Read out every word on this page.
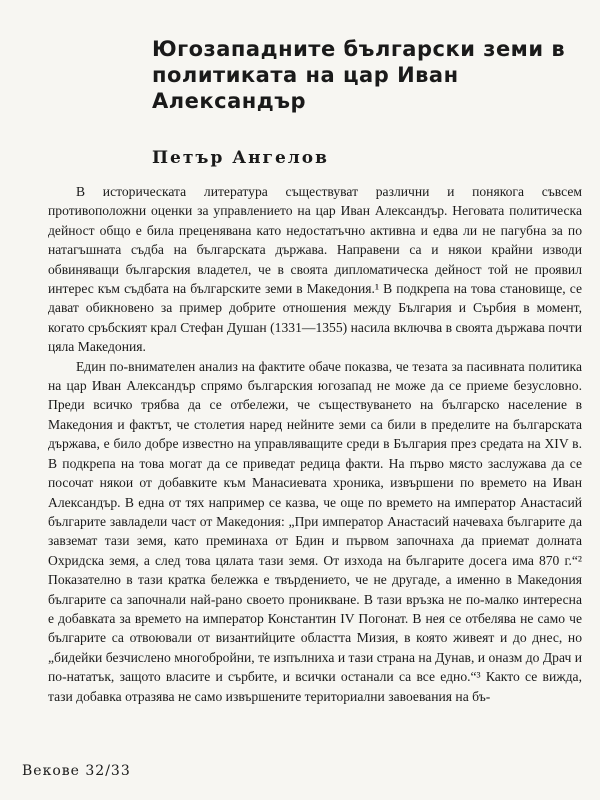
Югозападните български земи в политиката на цар Иван Александър
Петър Ангелов

В историческата литература съществуват различни и понякога съвсем противоположни оценки за управлението на цар Иван Александър. Неговата политическа дейност общо е била преценявана като недостатъчно активна и едва ли не пагубна за по натагъшната съдба на българската държава. Направени са и някои крайни изводи обвиняващи българския владетел, че в своята дипломатическа дейност той не проявил интерес към съдбата на българските земи в Македония.¹ В подкрепа на това становище, се дават обикновено за пример добрите отношения между България и Сърбия в момент, когато сръбският крал Стефан Душан (1331—1355) насила включва в своята държава почти цяла Македония.

Един по-внимателен анализ на фактите обаче показва, че тезата за пасивната политика на цар Иван Александър спрямо българския югозапад не може да се приеме безусловно. Преди всичко трябва да се отбележи, че съществуването на българско население в Македония и фактът, че столетия наред нейните земи са били в пределите на българската държава, е било добре известно на управляващите среди в България през средата на XIV в. В подкрепа на това могат да се приведат редица факти. На първо място заслужава да се посочат някои от добавките към Манасиевата хроника, извършени по времето на Иван Александър. В една от тях например се казва, че още по времето на император Анастасий българите завладели част от Македония: „При император Анастасий начеваха българите да завземат тази земя, като преминаха от Бдин и първом започнаха да приемат долната Охридска земя, а след това цялата тази земя. От изхода на българите досега има 870 г.“² Показателно в тази кратка бележка е твърдението, че не другаде, а именно в Македония българите са започнали най-рано своето проникване. В тази връзка не по-малко интересна е добавката за времето на император Константин IV Погонат. В нея се отбелява не само че българите са отвоювали от византийците областта Мизия, в която живеят и до днес, но „бидейки безчислено многобройни, те изпълниха и тази страна на Дунав, и оназм до Драч и по-нататък, защото власите и сърбите, и всички останали са все едно.“³ Както се вижда, тази добавка отразява не само извършените териториални завоевания на бъ-

Векове 32/33
